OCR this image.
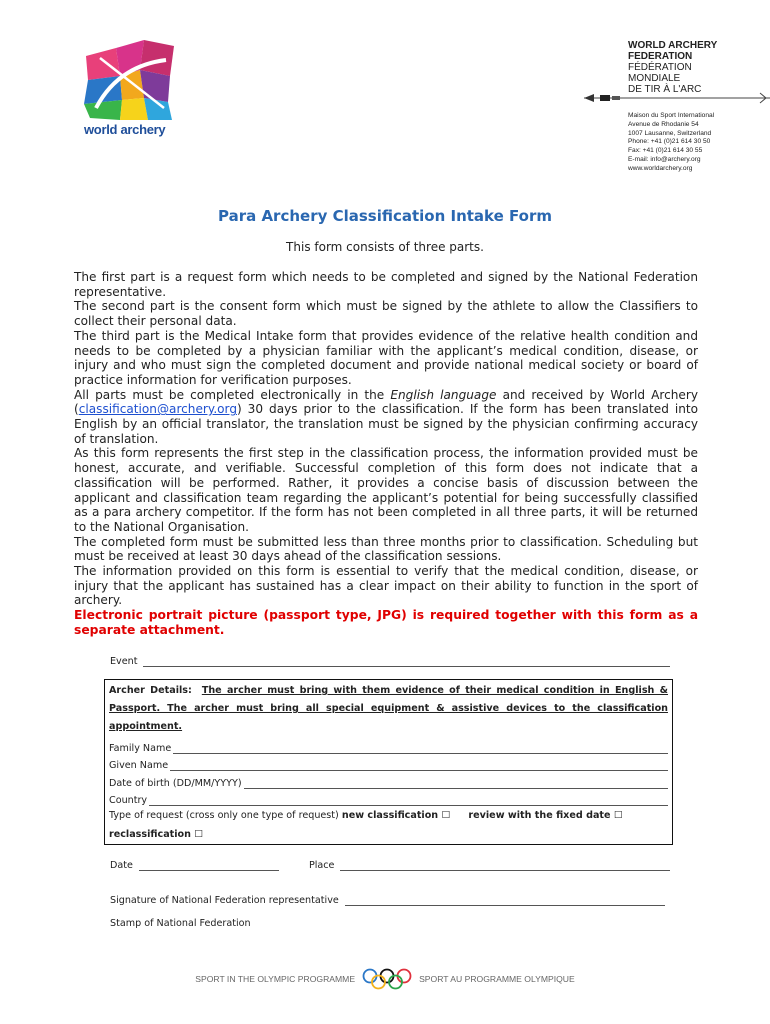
world archery
WORLD ARCHERY
FEDERATION
FÉDÉRATION
MONDIALE
DE TIR À L'ARC
Maison du Sport International
Avenue de Rhodanie 54
1007 Lausanne, Switzerland
Phone: +41 (0)21 614 30 50
Fax: +41 (0)21 614 30 55
E-mail: info@archery.org
www.worldarchery.org
Para Archery Classification Intake Form
This form consists of three parts.

The first part is a request form which needs to be completed and signed by the National Federation representative.

The second part is the consent form which must be signed by the athlete to allow the Classifiers to collect their personal data.

The third part is the Medical Intake form that provides evidence of the relative health condition and needs to be completed by a physician familiar with the applicant’s medical condition, disease, or injury and who must sign the completed document and provide national medical society or board of practice information for verification purposes.

All parts must be completed electronically in the English language and received by World Archery (classification@archery.org) 30 days prior to the classification. If the form has been translated into English by an official translator, the translation must be signed by the physician confirming accuracy of translation.

As this form represents the first step in the classification process, the information provided must be honest, accurate, and verifiable. Successful completion of this form does not indicate that a classification will be performed. Rather, it provides a concise basis of discussion between the applicant and classification team regarding the applicant’s potential for being successfully classified as a para archery competitor. If the form has not been completed in all three parts, it will be returned to the National Organisation.

The completed form must be submitted less than three months prior to classification. Scheduling but must be received at least 30 days ahead of the classification sessions.

The information provided on this form is essential to verify that the medical condition, disease, or injury that the applicant has sustained has a clear impact on their ability to function in the sport of archery.

Electronic portrait picture (passport type, JPG) is required together with this form as a separate attachment.

Event
Archer Details: The archer must bring with them evidence of their medical condition in English & Passport. The archer must bring all special equipment & assistive devices to the classification appointment.
Family Name
Given Name
Date of birth (DD/MM/YYYY)
Country
Type of request (cross only one type of request) new classification ☐ review with the fixed date ☐
reclassification ☐
Date	Place
Signature of National Federation representative
Stamp of National Federation
SPORT IN THE OLYMPIC PROGRAMME	SPORT AU PROGRAMME OLYMPIQUE
